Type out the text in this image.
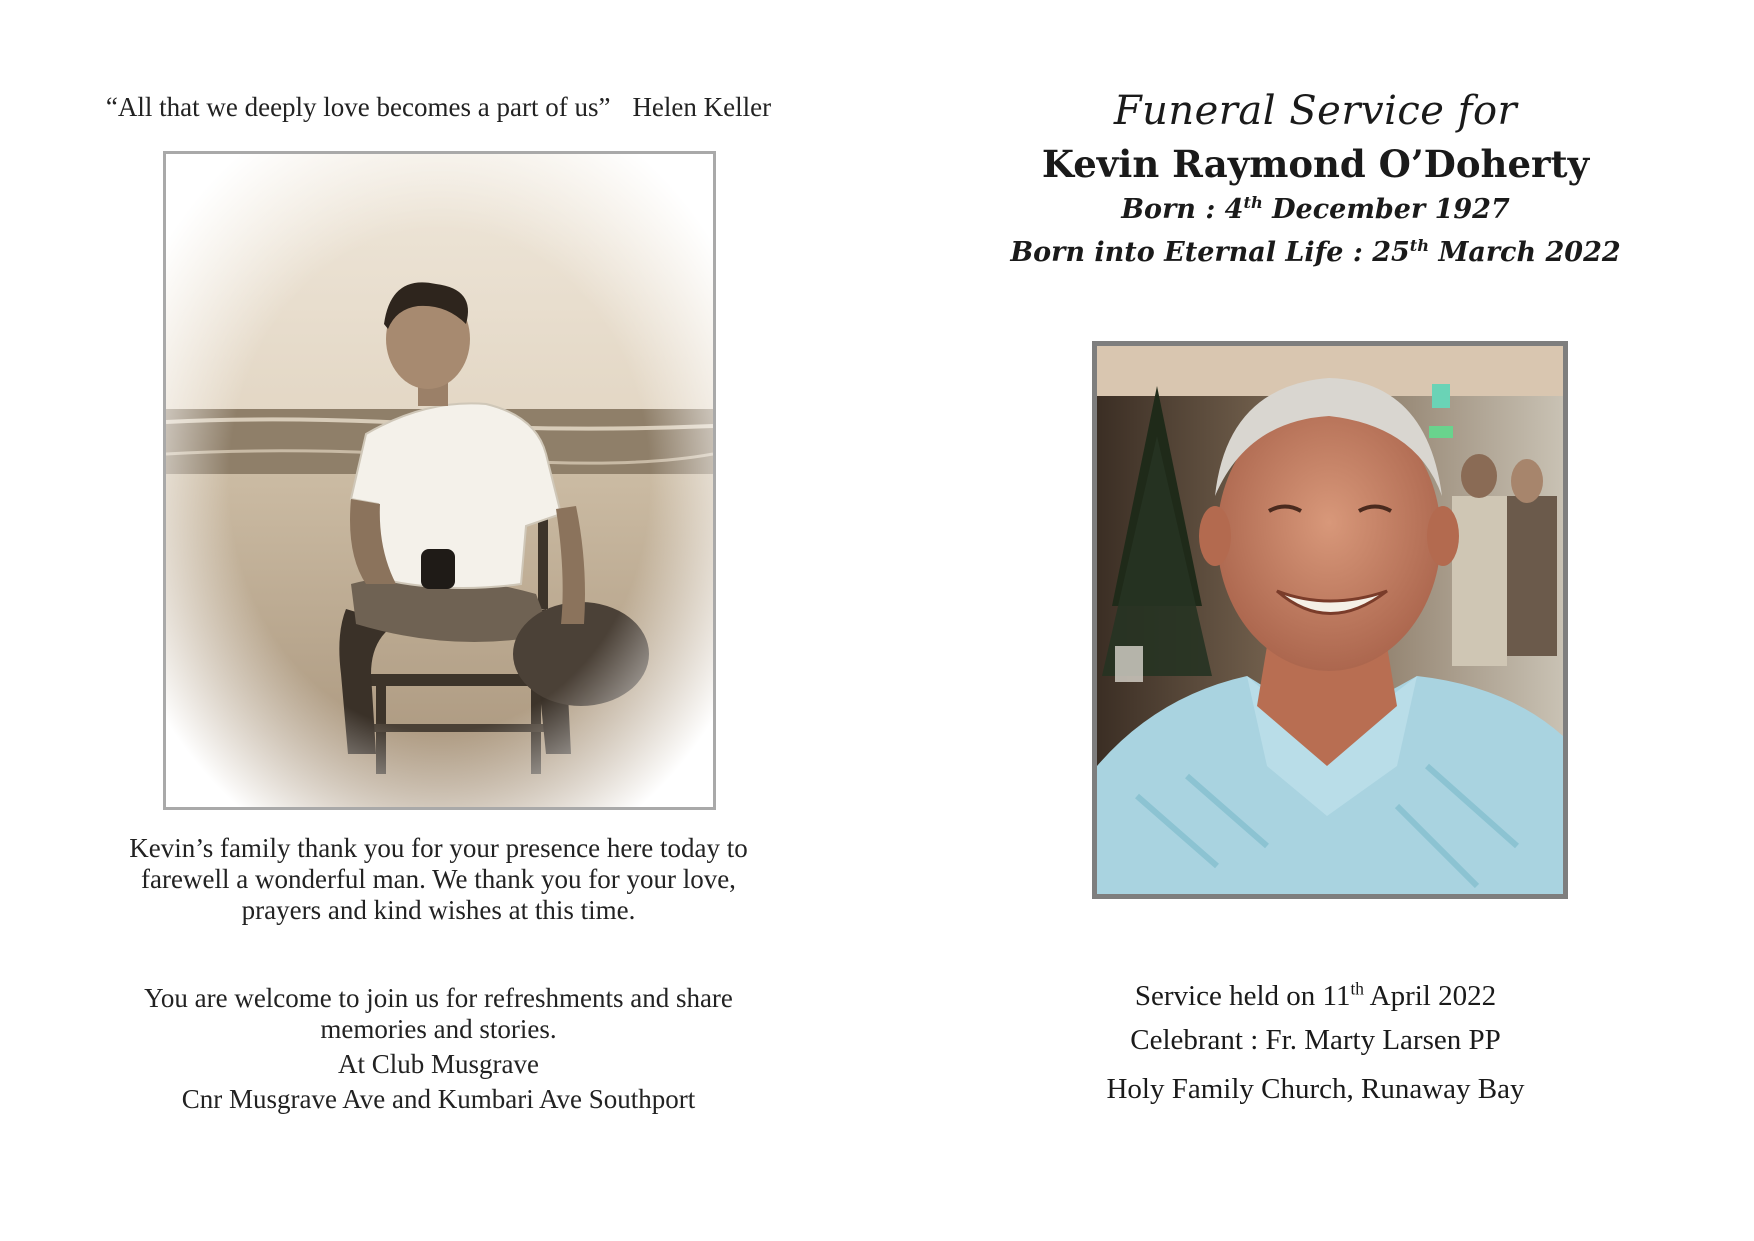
“All that we deeply love becomes a part of us” Helen Keller
Kevin’s family thank you for your presence here today to
farewell a wonderful man. We thank you for your love,
prayers and kind wishes at this time.
You are welcome to join us for refreshments and share
memories and stories.
At Club Musgrave
Cnr Musgrave Ave and Kumbari Ave Southport
Funeral Service for
Kevin Raymond O’Doherty
Born : 4th December 1927
Born into Eternal Life : 25th March 2022
Service held on 11th April 2022
Celebrant : Fr. Marty Larsen PP
Holy Family Church, Runaway Bay
